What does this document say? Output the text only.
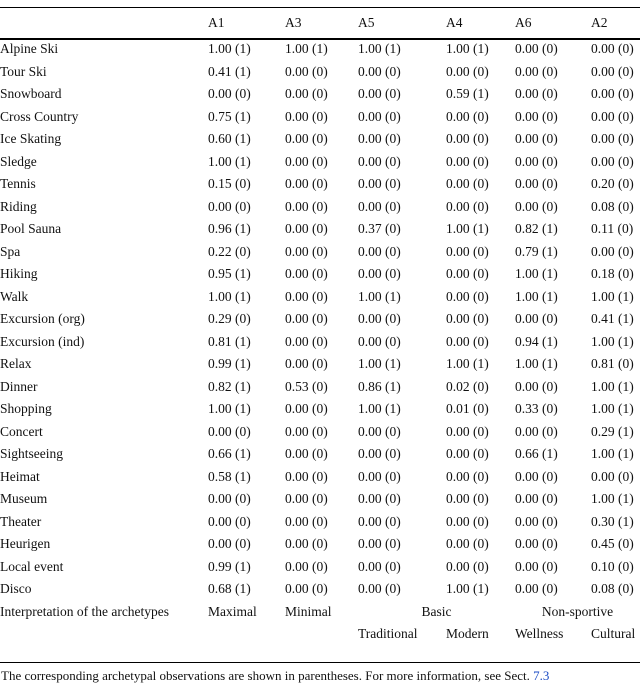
	A1	A3	A5	A4	A6	A2
Alpine Ski	1.00 (1)	1.00 (1)	1.00 (1)	1.00 (1)	0.00 (0)	0.00 (0)
Tour Ski	0.41 (1)	0.00 (0)	0.00 (0)	0.00 (0)	0.00 (0)	0.00 (0)
Snowboard	0.00 (0)	0.00 (0)	0.00 (0)	0.59 (1)	0.00 (0)	0.00 (0)
Cross Country	0.75 (1)	0.00 (0)	0.00 (0)	0.00 (0)	0.00 (0)	0.00 (0)
Ice Skating	0.60 (1)	0.00 (0)	0.00 (0)	0.00 (0)	0.00 (0)	0.00 (0)
Sledge	1.00 (1)	0.00 (0)	0.00 (0)	0.00 (0)	0.00 (0)	0.00 (0)
Tennis	0.15 (0)	0.00 (0)	0.00 (0)	0.00 (0)	0.00 (0)	0.20 (0)
Riding	0.00 (0)	0.00 (0)	0.00 (0)	0.00 (0)	0.00 (0)	0.08 (0)
Pool Sauna	0.96 (1)	0.00 (0)	0.37 (0)	1.00 (1)	0.82 (1)	0.11 (0)
Spa	0.22 (0)	0.00 (0)	0.00 (0)	0.00 (0)	0.79 (1)	0.00 (0)
Hiking	0.95 (1)	0.00 (0)	0.00 (0)	0.00 (0)	1.00 (1)	0.18 (0)
Walk	1.00 (1)	0.00 (0)	1.00 (1)	0.00 (0)	1.00 (1)	1.00 (1)
Excursion (org)	0.29 (0)	0.00 (0)	0.00 (0)	0.00 (0)	0.00 (0)	0.41 (1)
Excursion (ind)	0.81 (1)	0.00 (0)	0.00 (0)	0.00 (0)	0.94 (1)	1.00 (1)
Relax	0.99 (1)	0.00 (0)	1.00 (1)	1.00 (1)	1.00 (1)	0.81 (0)
Dinner	0.82 (1)	0.53 (0)	0.86 (1)	0.02 (0)	0.00 (0)	1.00 (1)
Shopping	1.00 (1)	0.00 (0)	1.00 (1)	0.01 (0)	0.33 (0)	1.00 (1)
Concert	0.00 (0)	0.00 (0)	0.00 (0)	0.00 (0)	0.00 (0)	0.29 (1)
Sightseeing	0.66 (1)	0.00 (0)	0.00 (0)	0.00 (0)	0.66 (1)	1.00 (1)
Heimat	0.58 (1)	0.00 (0)	0.00 (0)	0.00 (0)	0.00 (0)	0.00 (0)
Museum	0.00 (0)	0.00 (0)	0.00 (0)	0.00 (0)	0.00 (0)	1.00 (1)
Theater	0.00 (0)	0.00 (0)	0.00 (0)	0.00 (0)	0.00 (0)	0.30 (1)
Heurigen	0.00 (0)	0.00 (0)	0.00 (0)	0.00 (0)	0.00 (0)	0.45 (0)
Local event	0.99 (1)	0.00 (0)	0.00 (0)	0.00 (0)	0.00 (0)	0.10 (0)
Disco	0.68 (1)	0.00 (0)	0.00 (0)	1.00 (1)	0.00 (0)	0.08 (0)
Interpretation of the archetypes	Maximal	Minimal	Basic		Non-sportive	
			Traditional	Modern	Wellness	Cultural
The corresponding archetypal observations are shown in parentheses. For more information, see Sect. 7.3
